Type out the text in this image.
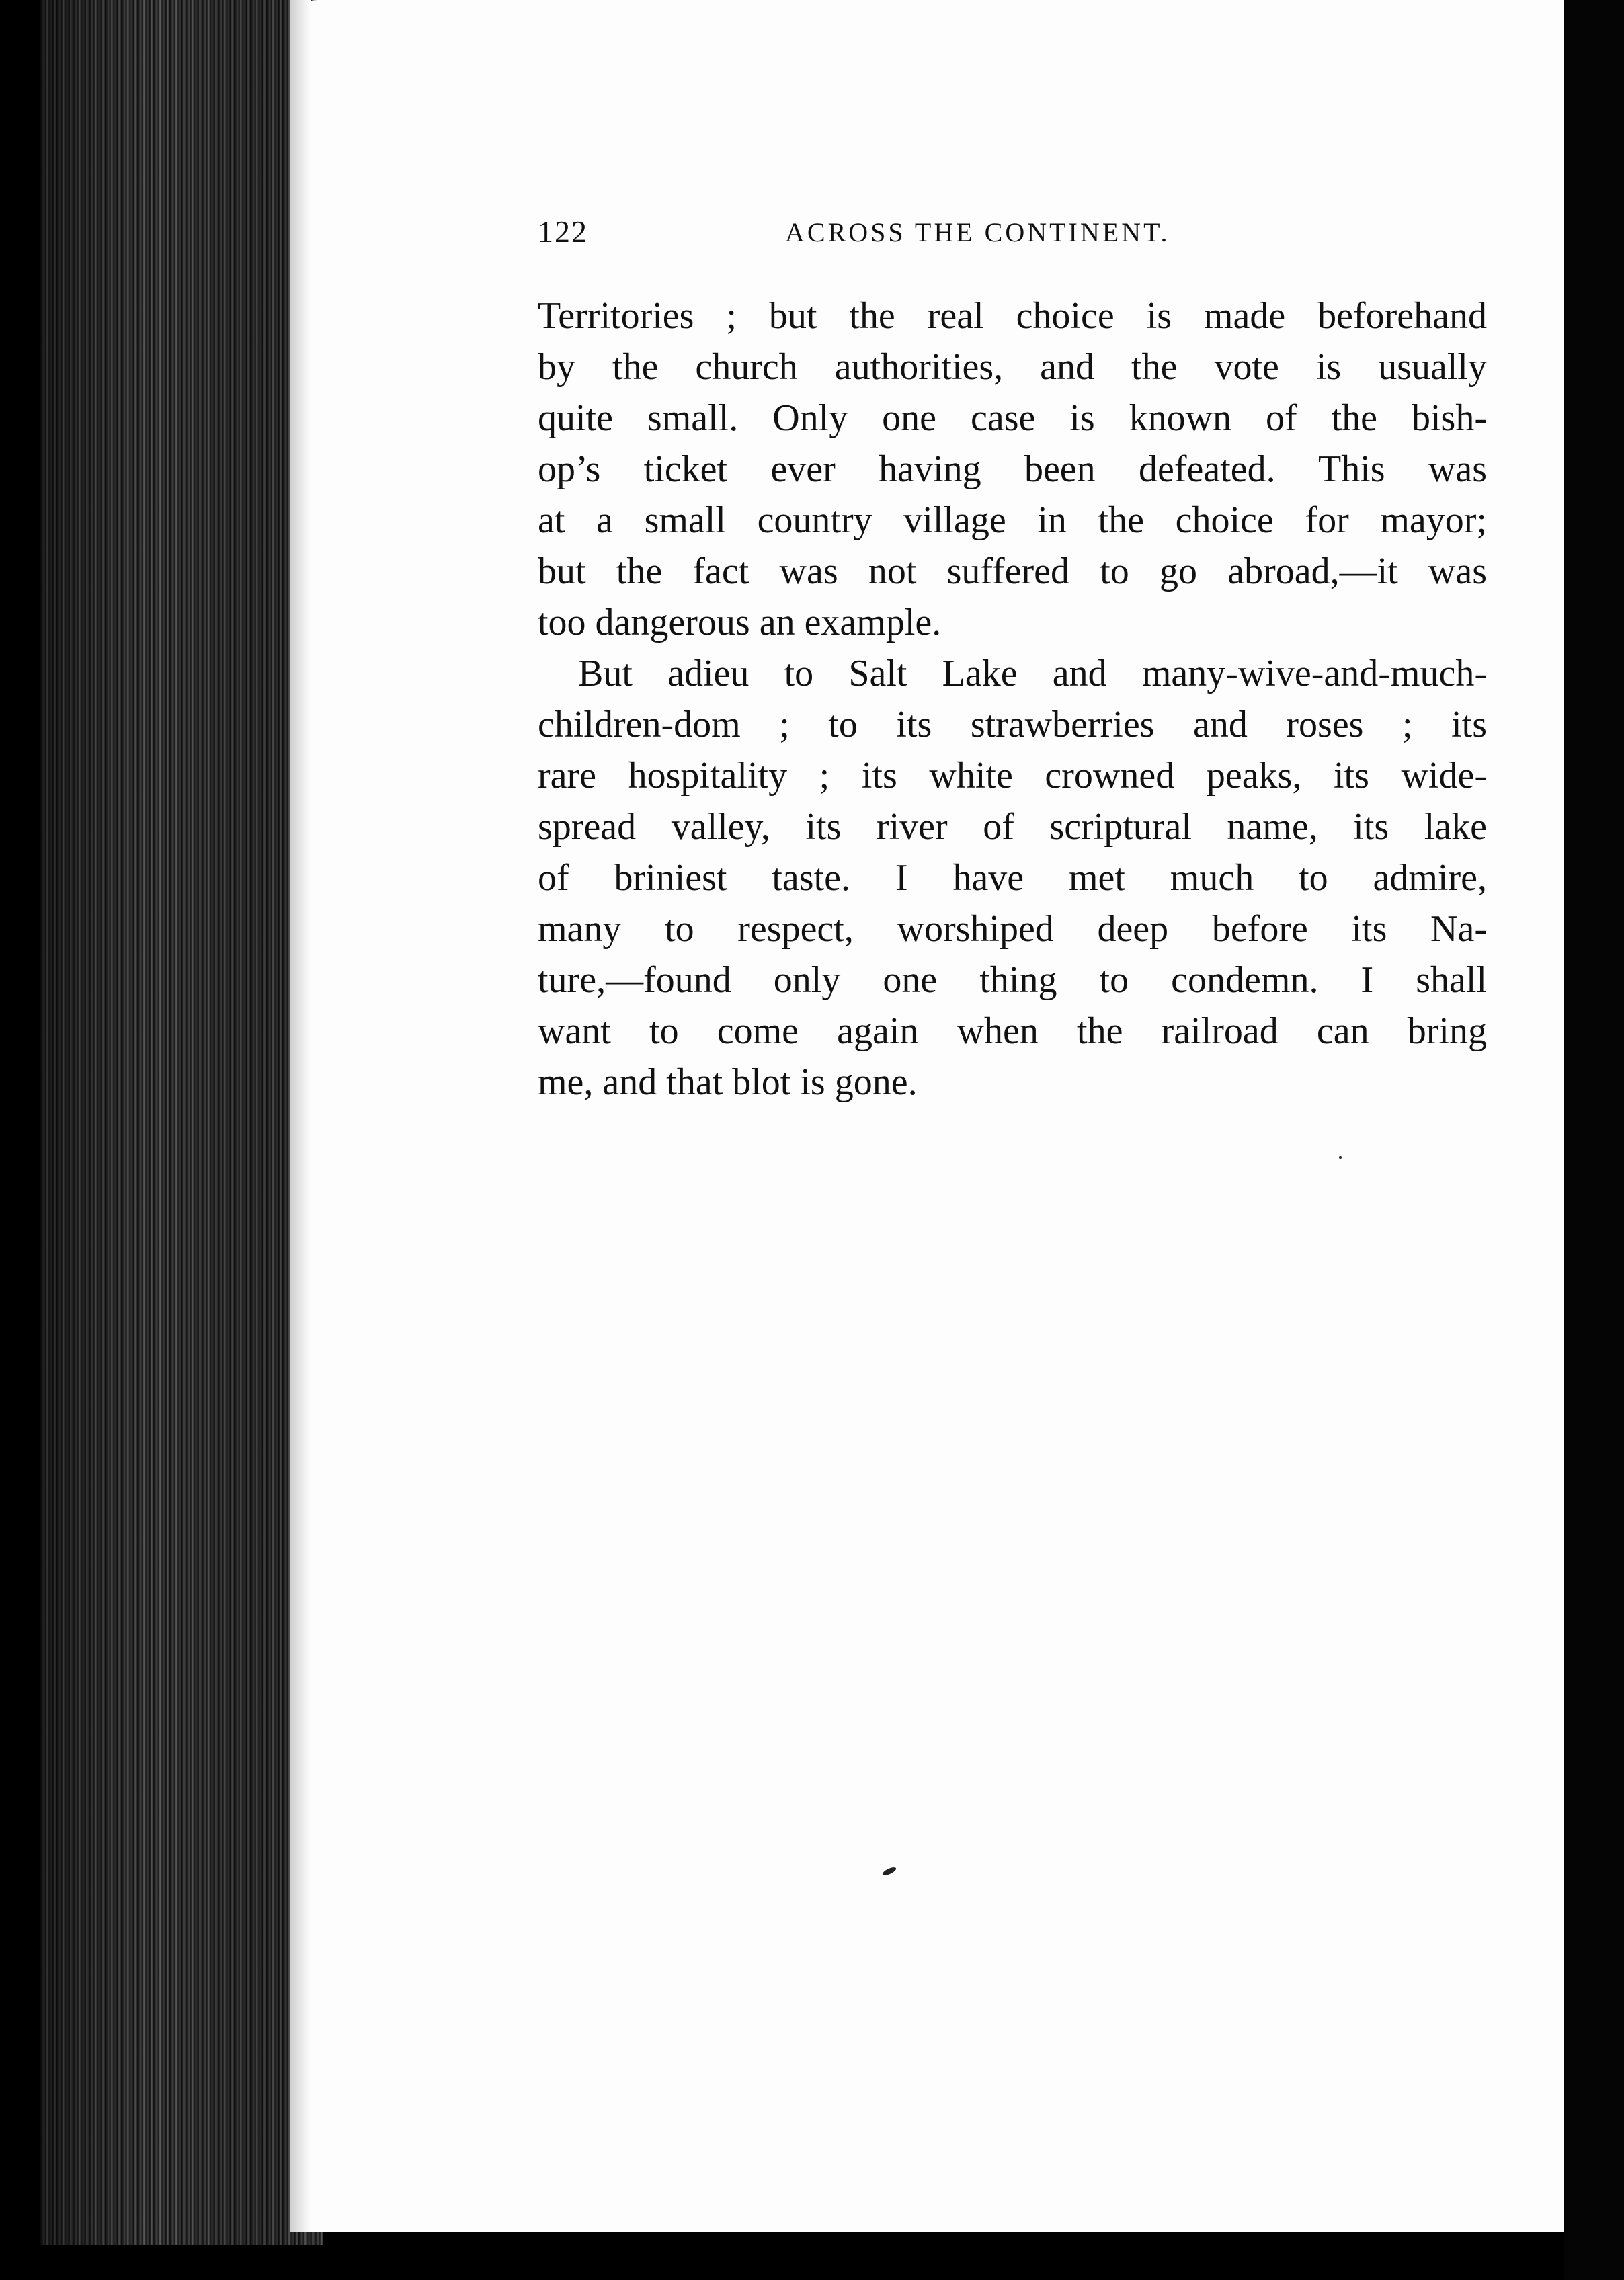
122	ACROSS THE CONTINENT.

Territories ; but the real choice is made beforehand
by the church authorities, and the vote is usually
quite small. Only one case is known of the bish-
op’s ticket ever having been defeated. This was
at a small country village in the choice for mayor;
but the fact was not suffered to go abroad,—it was
too dangerous an example.

But adieu to Salt Lake and many-wive-and-much-
children-dom ; to its strawberries and roses ; its
rare hospitality ; its white crowned peaks, its wide-
spread valley, its river of scriptural name, its lake
of briniest taste. I have met much to admire,
many to respect, worshiped deep before its Na-
ture,—found only one thing to condemn. I shall
want to come again when the railroad can bring
me, and that blot is gone.
